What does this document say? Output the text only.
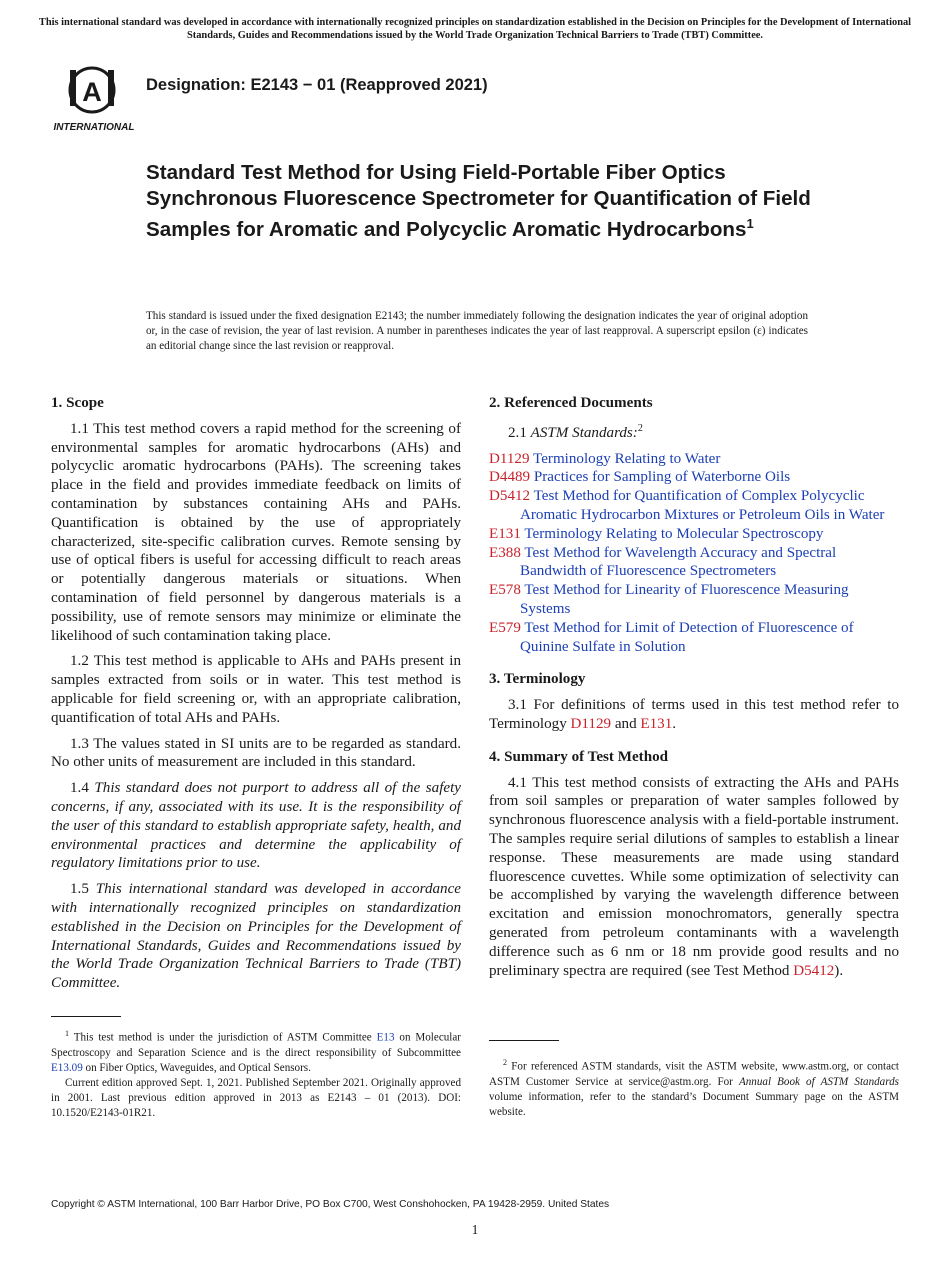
This international standard was developed in accordance with internationally recognized principles on standardization established in the Decision on Principles for the Development of International Standards, Guides and Recommendations issued by the World Trade Organization Technical Barriers to Trade (TBT) Committee.
A
INTERNATIONAL
Designation: E2143 − 01 (Reapproved 2021)
Standard Test Method for Using Field-Portable Fiber Optics Synchronous Fluorescence Spectrometer for Quantification of Field Samples for Aromatic and Polycyclic Aromatic Hydrocarbons$^1$
This standard is issued under the fixed designation E2143; the number immediately following the designation indicates the year of original adoption or, in the case of revision, the year of last revision. A number in parentheses indicates the year of last reapproval. A superscript epsilon (ε) indicates an editorial change since the last revision or reapproval.
1. Scope

1.1 This test method covers a rapid method for the screening of environmental samples for aromatic hydrocarbons (AHs) and polycyclic aromatic hydrocarbons (PAHs). The screening takes place in the field and provides immediate feedback on limits of contamination by substances containing AHs and PAHs. Quantification is obtained by the use of appropriately characterized, site-specific calibration curves. Remote sensing by use of optical fibers is useful for accessing difficult to reach areas or potentially dangerous materials or situations. When contamination of field personnel by dangerous materials is a possibility, use of remote sensors may minimize or eliminate the likelihood of such contamination taking place.

1.2 This test method is applicable to AHs and PAHs present in samples extracted from soils or in water. This test method is applicable for field screening or, with an appropriate calibration, quantification of total AHs and PAHs.

1.3 The values stated in SI units are to be regarded as standard. No other units of measurement are included in this standard.

1.4 This standard does not purport to address all of the safety concerns, if any, associated with its use. It is the responsibility of the user of this standard to establish appropriate safety, health, and environmental practices and determine the applicability of regulatory limitations prior to use.

1.5 This international standard was developed in accordance with internationally recognized principles on standardization established in the Decision on Principles for the Development of International Standards, Guides and Recommendations issued by the World Trade Organization Technical Barriers to Trade (TBT) Committee.

2. Referenced Documents

2.1 ASTM Standards:$^2$

D1129 Terminology Relating to Water
D4489 Practices for Sampling of Waterborne Oils
D5412 Test Method for Quantification of Complex Polycyclic Aromatic Hydrocarbon Mixtures or Petroleum Oils in Water
E131 Terminology Relating to Molecular Spectroscopy
E388 Test Method for Wavelength Accuracy and Spectral Bandwidth of Fluorescence Spectrometers
E578 Test Method for Linearity of Fluorescence Measuring Systems
E579 Test Method for Limit of Detection of Fluorescence of Quinine Sulfate in Solution
3. Terminology

3.1 For definitions of terms used in this test method refer to Terminology D1129 and E131.

4. Summary of Test Method

4.1 This test method consists of extracting the AHs and PAHs from soil samples or preparation of water samples followed by synchronous fluorescence analysis with a field-portable instrument. The samples require serial dilutions of samples to establish a linear response. These measurements are made using standard fluorescence cuvettes. While some optimization of selectivity can be accomplished by varying the wavelength difference between excitation and emission monochromators, generally spectra generated from petroleum contaminants with a wavelength difference such as 6 nm or 18 nm provide good results and no preliminary spectra are required (see Test Method D5412).

$^1$ This test method is under the jurisdiction of ASTM Committee E13 on Molecular Spectroscopy and Separation Science and is the direct responsibility of Subcommittee E13.09 on Fiber Optics, Waveguides, and Optical Sensors.

Current edition approved Sept. 1, 2021. Published September 2021. Originally approved in 2001. Last previous edition approved in 2013 as E2143 – 01 (2013). DOI: 10.1520/E2143-01R21.

$^2$ For referenced ASTM standards, visit the ASTM website, www.astm.org, or contact ASTM Customer Service at service@astm.org. For Annual Book of ASTM Standards volume information, refer to the standard’s Document Summary page on the ASTM website.

Copyright © ASTM International, 100 Barr Harbor Drive, PO Box C700, West Conshohocken, PA 19428-2959. United States
1
